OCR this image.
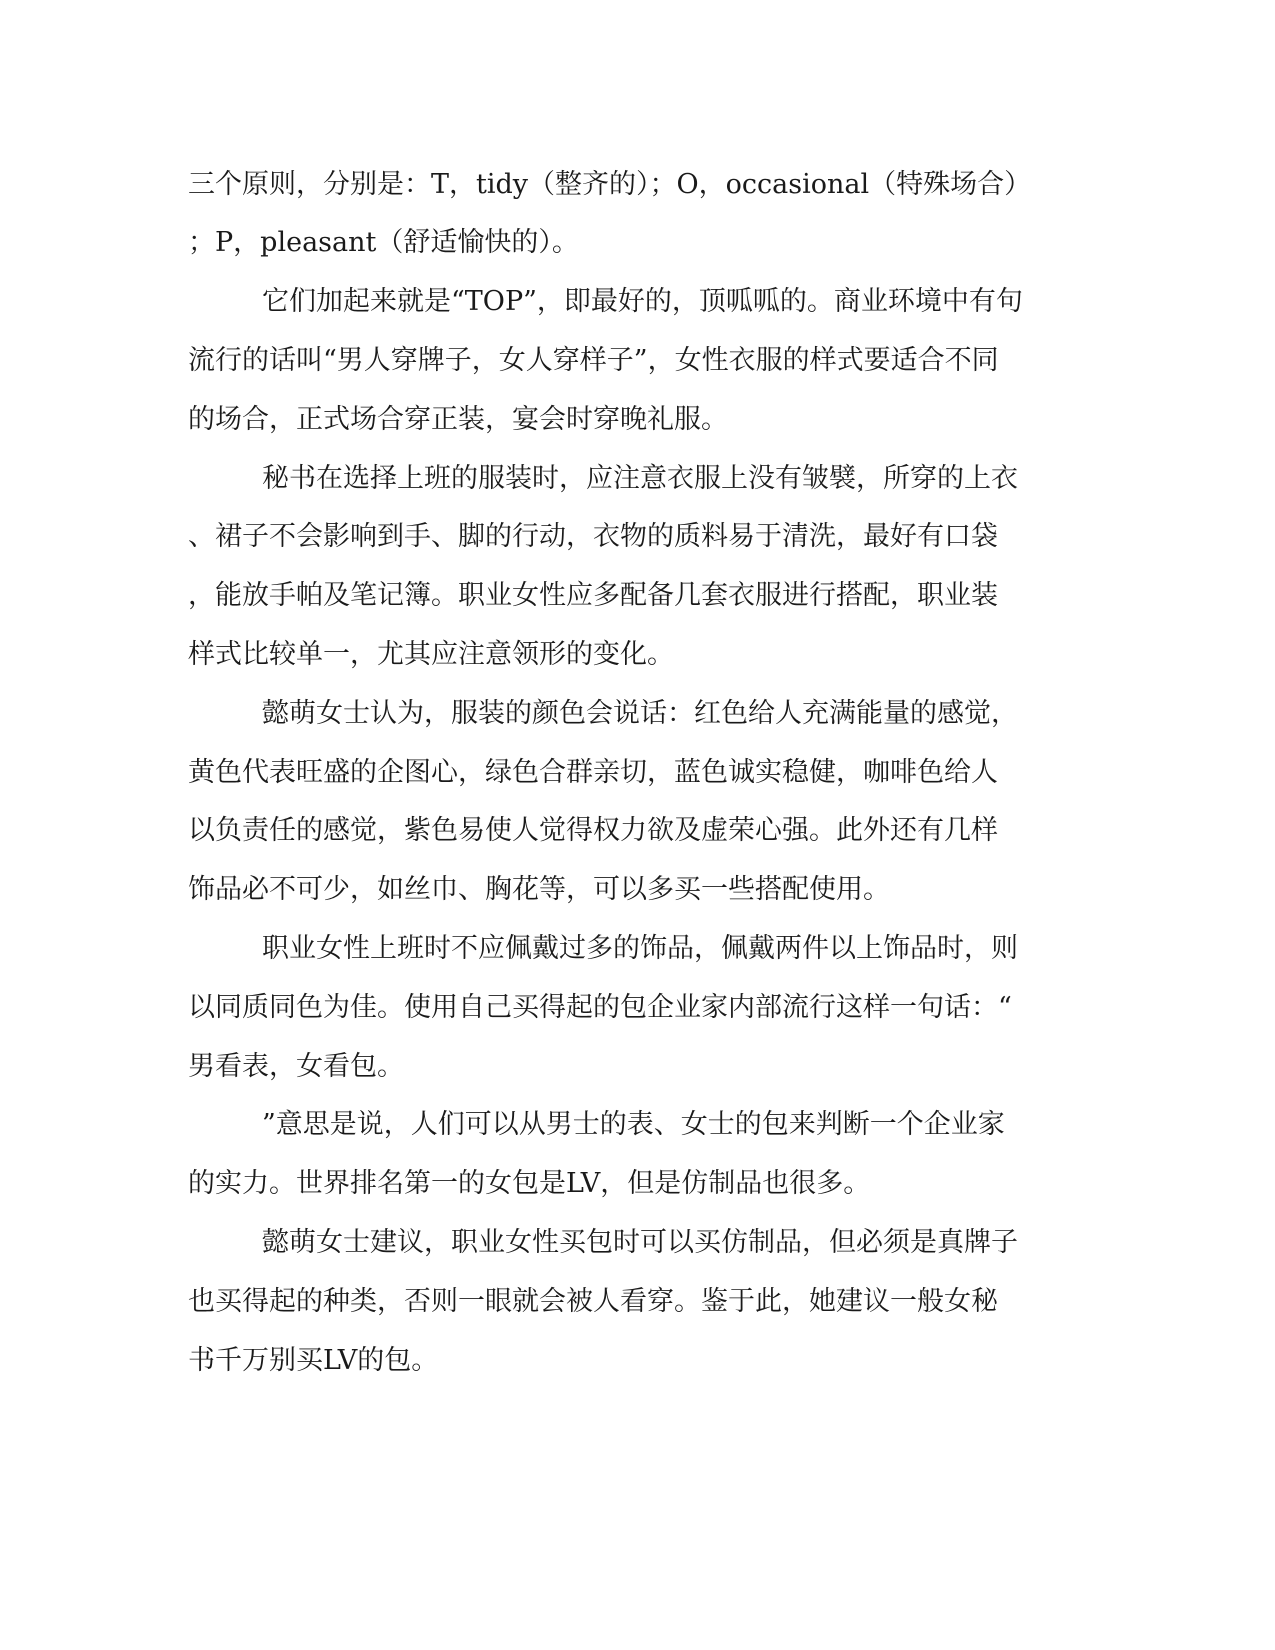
三个原则，分别是：T，tidy（整齐的）；O，occasional（特殊场合）
；P，pleasant（舒适愉快的）。
它们加起来就是“TOP”，即最好的，顶呱呱的。商业环境中有句
流行的话叫“男人穿牌子，女人穿样子”，女性衣服的样式要适合不同
的场合，正式场合穿正装，宴会时穿晚礼服。
秘书在选择上班的服装时，应注意衣服上没有皱襞，所穿的上衣
、裙子不会影响到手、脚的行动，衣物的质料易于清洗，最好有口袋
，能放手帕及笔记簿。职业女性应多配备几套衣服进行搭配，职业装
样式比较单一，尤其应注意领形的变化。
懿萌女士认为，服装的颜色会说话：红色给人充满能量的感觉，
黄色代表旺盛的企图心，绿色合群亲切，蓝色诚实稳健，咖啡色给人
以负责任的感觉，紫色易使人觉得权力欲及虚荣心强。此外还有几样
饰品必不可少，如丝巾、胸花等，可以多买一些搭配使用。
职业女性上班时不应佩戴过多的饰品，佩戴两件以上饰品时，则
以同质同色为佳。使用自己买得起的包企业家内部流行这样一句话：“
男看表，女看包。
”意思是说，人们可以从男士的表、女士的包来判断一个企业家
的实力。世界排名第一的女包是LV，但是仿制品也很多。
懿萌女士建议，职业女性买包时可以买仿制品，但必须是真牌子
也买得起的种类，否则一眼就会被人看穿。鉴于此，她建议一般女秘
书千万别买LV的包。
